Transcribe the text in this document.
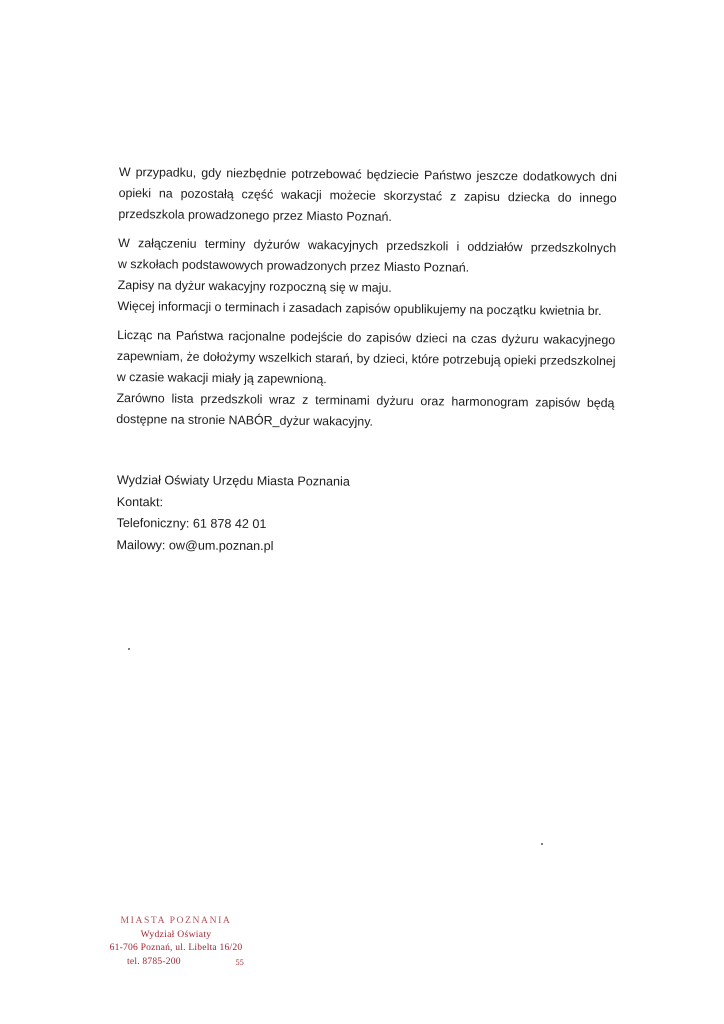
W przypadku, gdy niezbędnie potrzebować będziecie Państwo jeszcze dodatkowych dni
opieki na pozostałą część wakacji możecie skorzystać z zapisu dziecka do innego
przedszkola prowadzonego przez Miasto Poznań.
W załączeniu terminy dyżurów wakacyjnych przedszkoli i oddziałów przedszkolnych
w szkołach podstawowych prowadzonych przez Miasto Poznań.
Zapisy na dyżur wakacyjny rozpoczną się w maju.
Więcej informacji o terminach i zasadach zapisów opublikujemy na początku kwietnia br.
Licząc na Państwa racjonalne podejście do zapisów dzieci na czas dyżuru wakacyjnego
zapewniam, że dołożymy wszelkich starań, by dzieci, które potrzebują opieki przedszkolnej
w czasie wakacji miały ją zapewnioną.
Zarówno lista przedszkoli wraz z terminami dyżuru oraz harmonogram zapisów będą
dostępne na stronie NABÓR_dyżur wakacyjny.
Wydział Oświaty Urzędu Miasta Poznania
Kontakt:
Telefoniczny: 61 878 42 01
Mailowy: ow@um.poznan.pl
MIASTA POZNANIA
Wydział Oświaty
61-706 Poznań, ul. Libelta 16/20
tel. 8785-200	55
